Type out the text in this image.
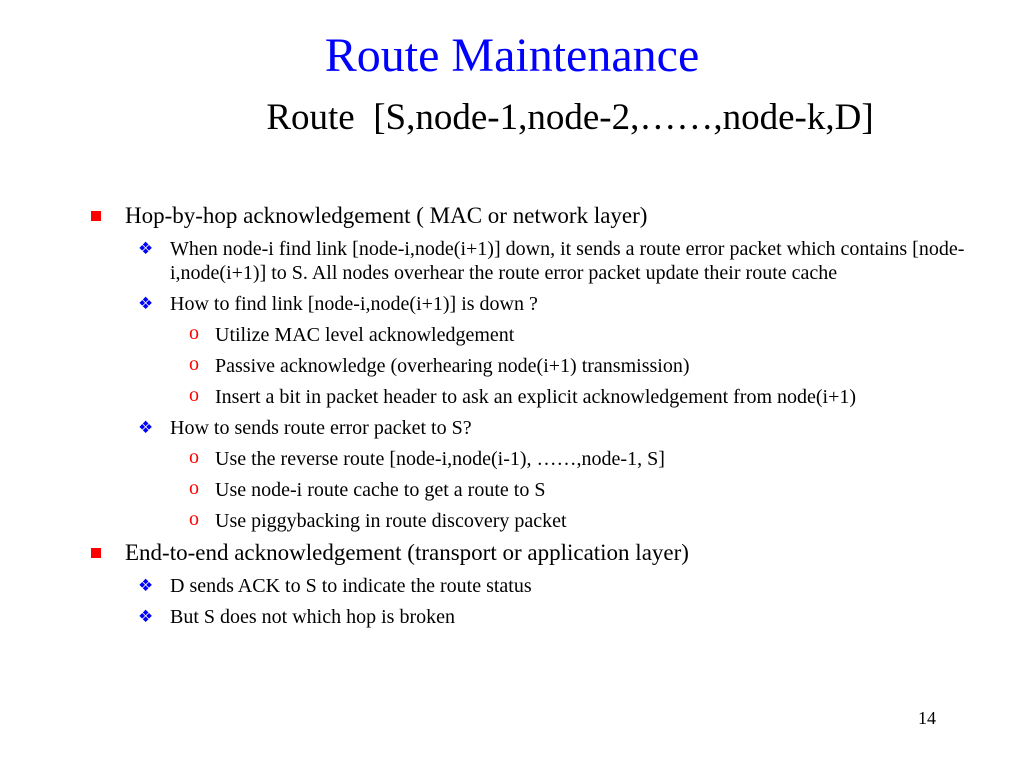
Route Maintenance
Route  [S,node-1,node-2,……,node-k,D]
Hop-by-hop acknowledgement ( MAC or network layer)
❖ When node-i find link [node-i,node(i+1)] down, it sends a route error packet which contains [node-i,node(i+1)] to S. All nodes overhear the route error packet update their route cache
❖ How to find link [node-i,node(i+1)] is down ?
o Utilize MAC level acknowledgement
o Passive acknowledge (overhearing node(i+1) transmission)
o Insert a bit in packet header to ask an explicit acknowledgement from node(i+1)
❖ How to sends route error packet to S?
o Use the reverse route [node-i,node(i-1), ……,node-1, S]
o Use node-i route cache to get a route to S
o Use piggybacking in route discovery packet
End-to-end acknowledgement (transport or application layer)
❖ D sends ACK to S to indicate the route status
❖ But S does not which hop is broken
14
